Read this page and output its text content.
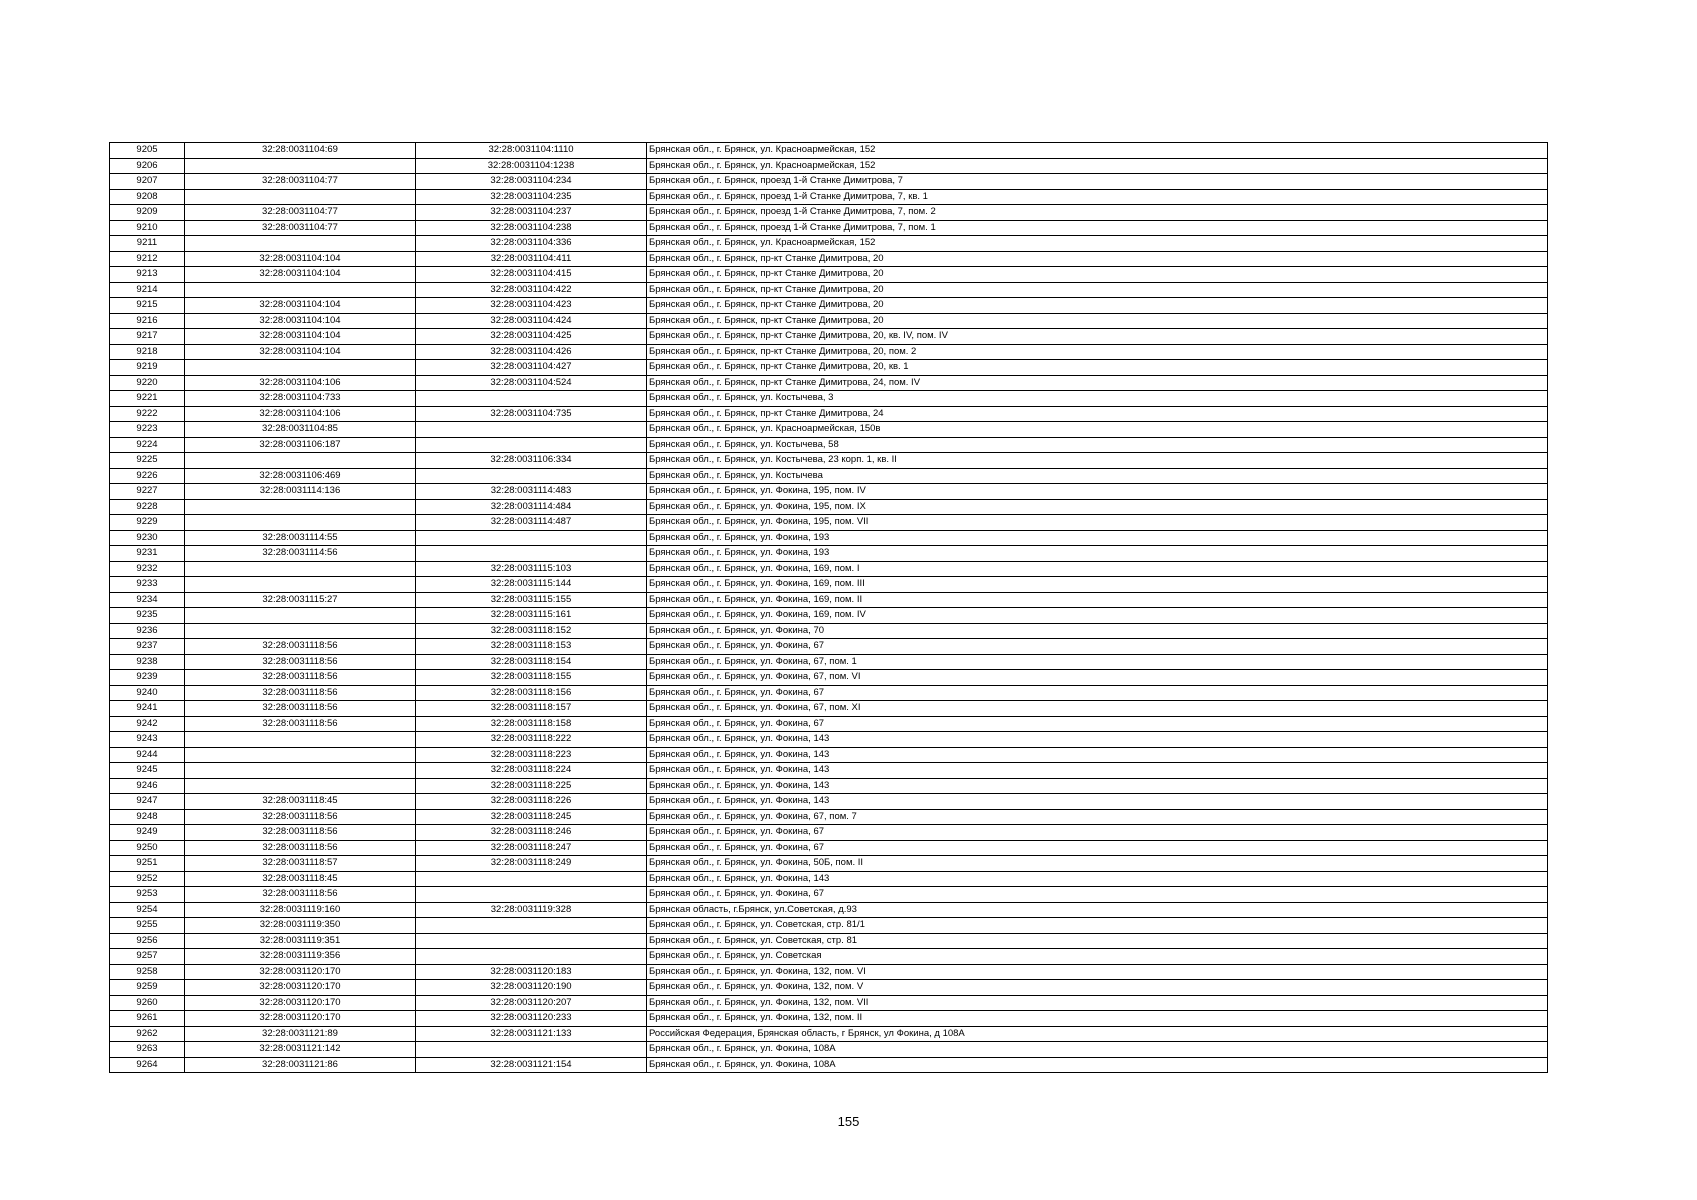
9205	32:28:0031104:69	32:28:0031104:1110	Брянская обл., г. Брянск, ул. Красноармейская, 152
9206		32:28:0031104:1238	Брянская обл., г. Брянск, ул. Красноармейская, 152
9207	32:28:0031104:77	32:28:0031104:234	Брянская обл., г. Брянск, проезд 1-й Станке Димитрова, 7
9208		32:28:0031104:235	Брянская обл., г. Брянск, проезд 1-й Станке Димитрова, 7, кв. 1
9209	32:28:0031104:77	32:28:0031104:237	Брянская обл., г. Брянск, проезд 1-й Станке Димитрова, 7, пом. 2
9210	32:28:0031104:77	32:28:0031104:238	Брянская обл., г. Брянск, проезд 1-й Станке Димитрова, 7, пом. 1
9211		32:28:0031104:336	Брянская обл., г. Брянск, ул. Красноармейская, 152
9212	32:28:0031104:104	32:28:0031104:411	Брянская обл., г. Брянск, пр-кт Станке Димитрова, 20
9213	32:28:0031104:104	32:28:0031104:415	Брянская обл., г. Брянск, пр-кт Станке Димитрова, 20
9214		32:28:0031104:422	Брянская обл., г. Брянск, пр-кт Станке Димитрова, 20
9215	32:28:0031104:104	32:28:0031104:423	Брянская обл., г. Брянск, пр-кт Станке Димитрова, 20
9216	32:28:0031104:104	32:28:0031104:424	Брянская обл., г. Брянск, пр-кт Станке Димитрова, 20
9217	32:28:0031104:104	32:28:0031104:425	Брянская обл., г. Брянск, пр-кт Станке Димитрова, 20, кв. IV, пом. IV
9218	32:28:0031104:104	32:28:0031104:426	Брянская обл., г. Брянск, пр-кт Станке Димитрова, 20, пом. 2
9219		32:28:0031104:427	Брянская обл., г. Брянск, пр-кт Станке Димитрова, 20, кв. 1
9220	32:28:0031104:106	32:28:0031104:524	Брянская обл., г. Брянск, пр-кт Станке Димитрова, 24, пом. IV
9221	32:28:0031104:733		Брянская обл., г. Брянск, ул. Костычева, 3
9222	32:28:0031104:106	32:28:0031104:735	Брянская обл., г. Брянск, пр-кт Станке Димитрова, 24
9223	32:28:0031104:85		Брянская обл., г. Брянск, ул. Красноармейская, 150в
9224	32:28:0031106:187		Брянская обл., г. Брянск, ул. Костычева, 58
9225		32:28:0031106:334	Брянская обл., г. Брянск, ул. Костычева, 23 корп. 1, кв. II
9226	32:28:0031106:469		Брянская обл., г. Брянск, ул. Костычева
9227	32:28:0031114:136	32:28:0031114:483	Брянская обл., г. Брянск, ул. Фокина, 195, пом. IV
9228		32:28:0031114:484	Брянская обл., г. Брянск, ул. Фокина, 195, пом. IX
9229		32:28:0031114:487	Брянская обл., г. Брянск, ул. Фокина, 195, пом. VII
9230	32:28:0031114:55		Брянская обл., г. Брянск, ул. Фокина, 193
9231	32:28:0031114:56		Брянская обл., г. Брянск, ул. Фокина, 193
9232		32:28:0031115:103	Брянская обл., г. Брянск, ул. Фокина, 169, пом. I
9233		32:28:0031115:144	Брянская обл., г. Брянск, ул. Фокина, 169, пом. III
9234	32:28:0031115:27	32:28:0031115:155	Брянская обл., г. Брянск, ул. Фокина, 169, пом. II
9235		32:28:0031115:161	Брянская обл., г. Брянск, ул. Фокина, 169, пом. IV
9236		32:28:0031118:152	Брянская обл., г. Брянск, ул. Фокина, 70
9237	32:28:0031118:56	32:28:0031118:153	Брянская обл., г. Брянск, ул. Фокина, 67
9238	32:28:0031118:56	32:28:0031118:154	Брянская обл., г. Брянск, ул. Фокина, 67, пом. 1
9239	32:28:0031118:56	32:28:0031118:155	Брянская обл., г. Брянск, ул. Фокина, 67, пом. VI
9240	32:28:0031118:56	32:28:0031118:156	Брянская обл., г. Брянск, ул. Фокина, 67
9241	32:28:0031118:56	32:28:0031118:157	Брянская обл., г. Брянск, ул. Фокина, 67, пом. XI
9242	32:28:0031118:56	32:28:0031118:158	Брянская обл., г. Брянск, ул. Фокина, 67
9243		32:28:0031118:222	Брянская обл., г. Брянск, ул. Фокина, 143
9244		32:28:0031118:223	Брянская обл., г. Брянск, ул. Фокина, 143
9245		32:28:0031118:224	Брянская обл., г. Брянск, ул. Фокина, 143
9246		32:28:0031118:225	Брянская обл., г. Брянск, ул. Фокина, 143
9247	32:28:0031118:45	32:28:0031118:226	Брянская обл., г. Брянск, ул. Фокина, 143
9248	32:28:0031118:56	32:28:0031118:245	Брянская обл., г. Брянск, ул. Фокина, 67, пом. 7
9249	32:28:0031118:56	32:28:0031118:246	Брянская обл., г. Брянск, ул. Фокина, 67
9250	32:28:0031118:56	32:28:0031118:247	Брянская обл., г. Брянск, ул. Фокина, 67
9251	32:28:0031118:57	32:28:0031118:249	Брянская обл., г. Брянск, ул. Фокина, 50Б, пом. II
9252	32:28:0031118:45		Брянская обл., г. Брянск, ул. Фокина, 143
9253	32:28:0031118:56		Брянская обл., г. Брянск, ул. Фокина, 67
9254	32:28:0031119:160	32:28:0031119:328	Брянская область, г.Брянск, ул.Советская, д.93
9255	32:28:0031119:350		Брянская обл., г. Брянск, ул. Советская, стр. 81/1
9256	32:28:0031119:351		Брянская обл., г. Брянск, ул. Советская, стр. 81
9257	32:28:0031119:356		Брянская обл., г. Брянск, ул. Советская
9258	32:28:0031120:170	32:28:0031120:183	Брянская обл., г. Брянск, ул. Фокина, 132, пом. VI
9259	32:28:0031120:170	32:28:0031120:190	Брянская обл., г. Брянск, ул. Фокина, 132, пом. V
9260	32:28:0031120:170	32:28:0031120:207	Брянская обл., г. Брянск, ул. Фокина, 132, пом. VII
9261	32:28:0031120:170	32:28:0031120:233	Брянская обл., г. Брянск, ул. Фокина, 132, пом. II
9262	32:28:0031121:89	32:28:0031121:133	Российская Федерация, Брянская область, г Брянск, ул Фокина, д 108А
9263	32:28:0031121:142		Брянская обл., г. Брянск, ул. Фокина, 108А
9264	32:28:0031121:86	32:28:0031121:154	Брянская обл., г. Брянск, ул. Фокина, 108А
155
